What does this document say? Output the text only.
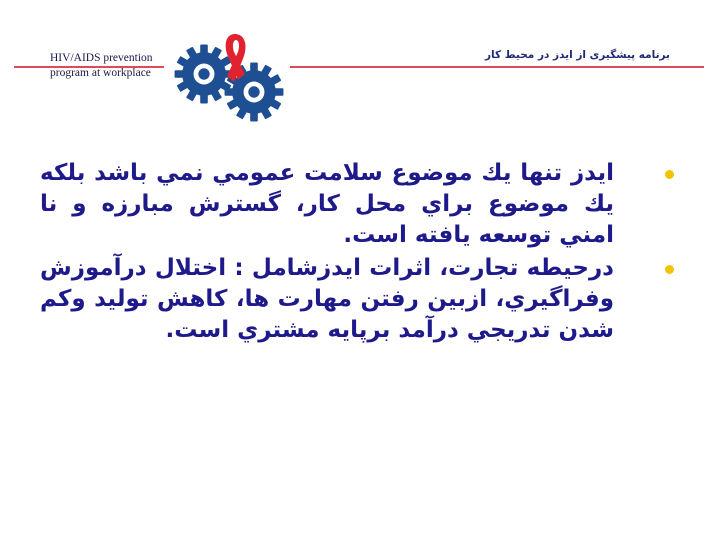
HIV/AIDS prevention
program at workplace
برنامه پیشگیری از ایدز در محیط کار
ايدز تنها يك موضوع سلامت عمومي نمي باشد بلكه يك موضوع براي محل كار، گسترش مبارزه و نا امني توسعه يافته است.
درحيطه تجارت، اثرات ايدزشامل : اختلال درآموزش وفراگيري، ازبين رفتن مهارت ها، كاهش توليد وكم شدن تدريجي درآمد برپايه مشتري است.
